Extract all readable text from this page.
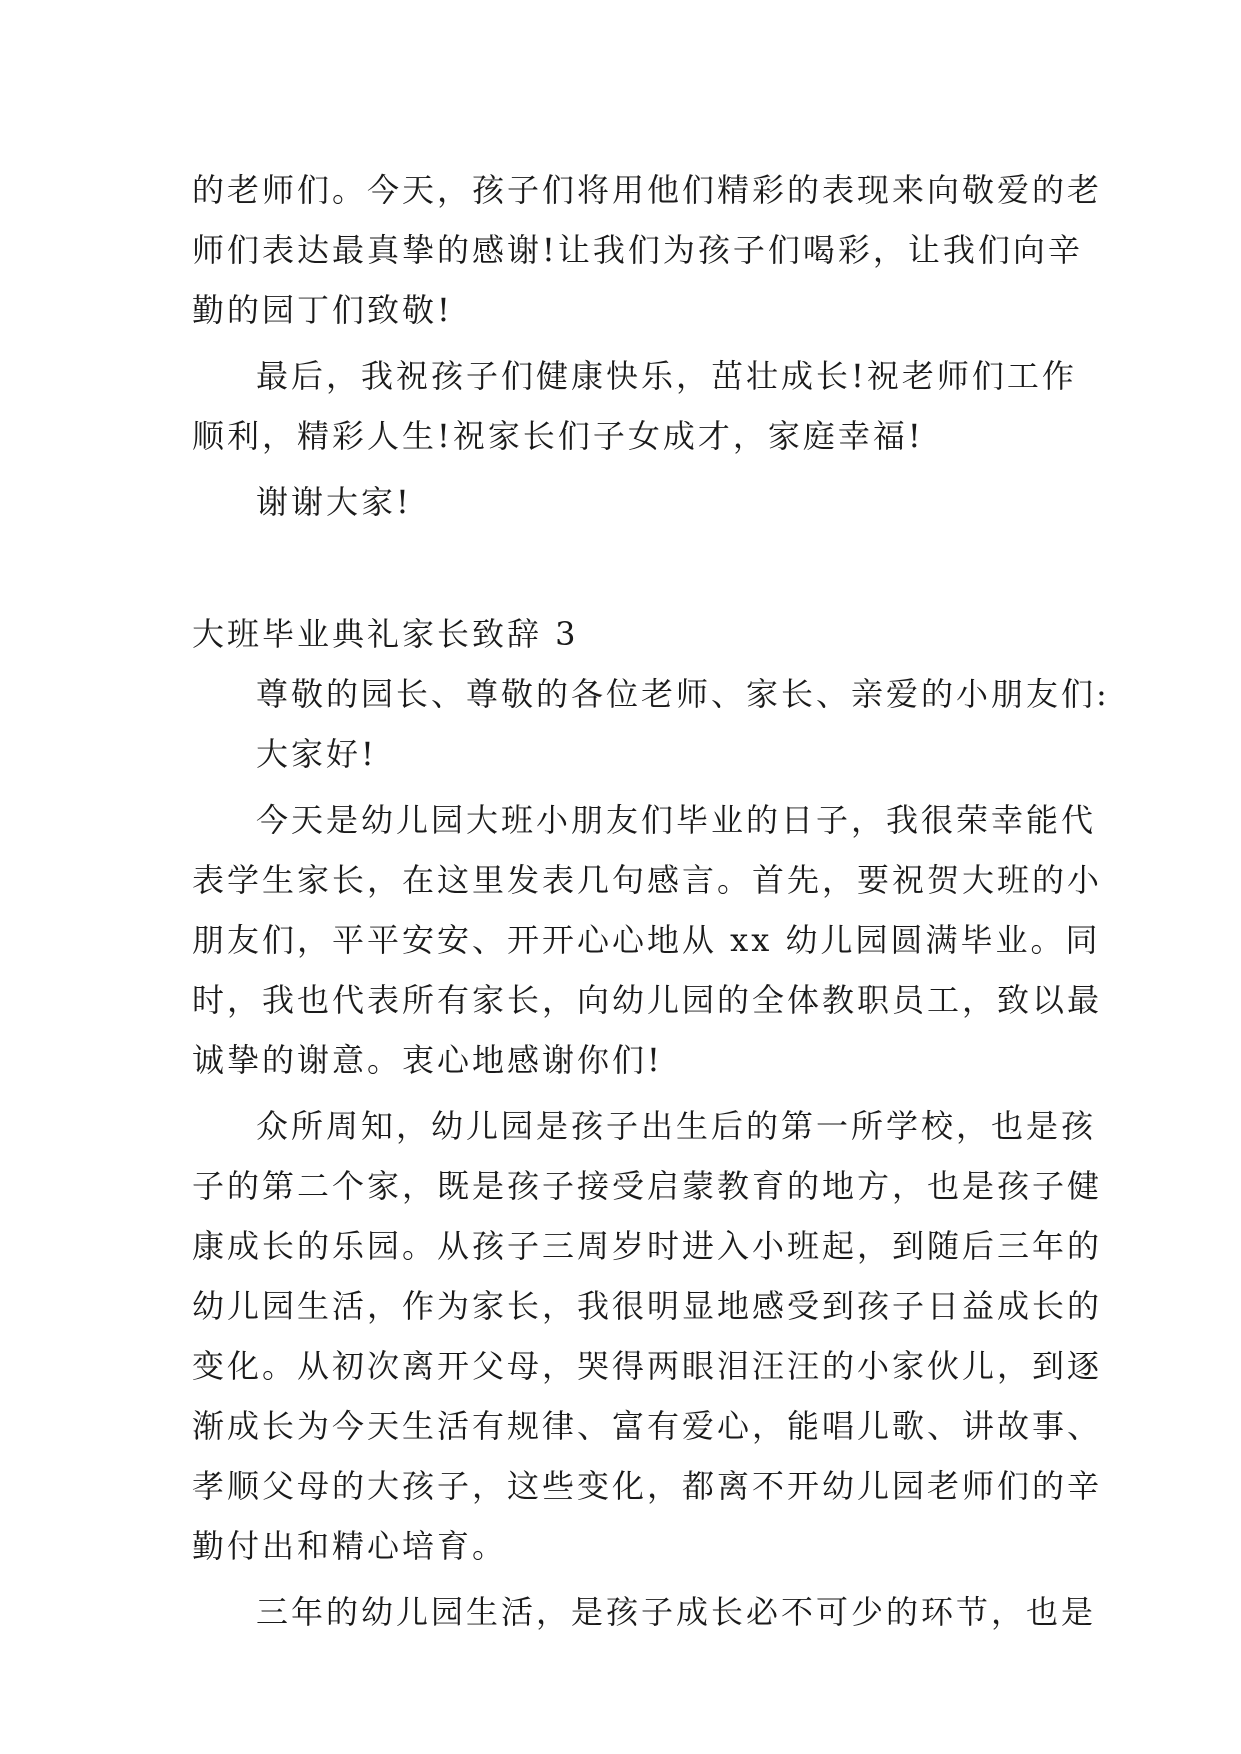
的老师们。今天，孩子们将用他们精彩的表现来向敬爱的老
师们表达最真挚的感谢!让我们为孩子们喝彩，让我们向辛
勤的园丁们致敬!
最后，我祝孩子们健康快乐，茁壮成长!祝老师们工作
顺利，精彩人生!祝家长们子女成才，家庭幸福!
谢谢大家!
大班毕业典礼家长致辞 3
尊敬的园长、尊敬的各位老师、家长、亲爱的小朋友们:
大家好!
今天是幼儿园大班小朋友们毕业的日子，我很荣幸能代
表学生家长，在这里发表几句感言。首先，要祝贺大班的小
朋友们，平平安安、开开心心地从 xx 幼儿园圆满毕业。同
时，我也代表所有家长，向幼儿园的全体教职员工，致以最
诚挚的谢意。衷心地感谢你们!
众所周知，幼儿园是孩子出生后的第一所学校，也是孩
子的第二个家，既是孩子接受启蒙教育的地方，也是孩子健
康成长的乐园。从孩子三周岁时进入小班起，到随后三年的
幼儿园生活，作为家长，我很明显地感受到孩子日益成长的
变化。从初次离开父母，哭得两眼泪汪汪的小家伙儿，到逐
渐成长为今天生活有规律、富有爱心，能唱儿歌、讲故事、
孝顺父母的大孩子，这些变化，都离不开幼儿园老师们的辛
勤付出和精心培育。
三年的幼儿园生活，是孩子成长必不可少的环节，也是
